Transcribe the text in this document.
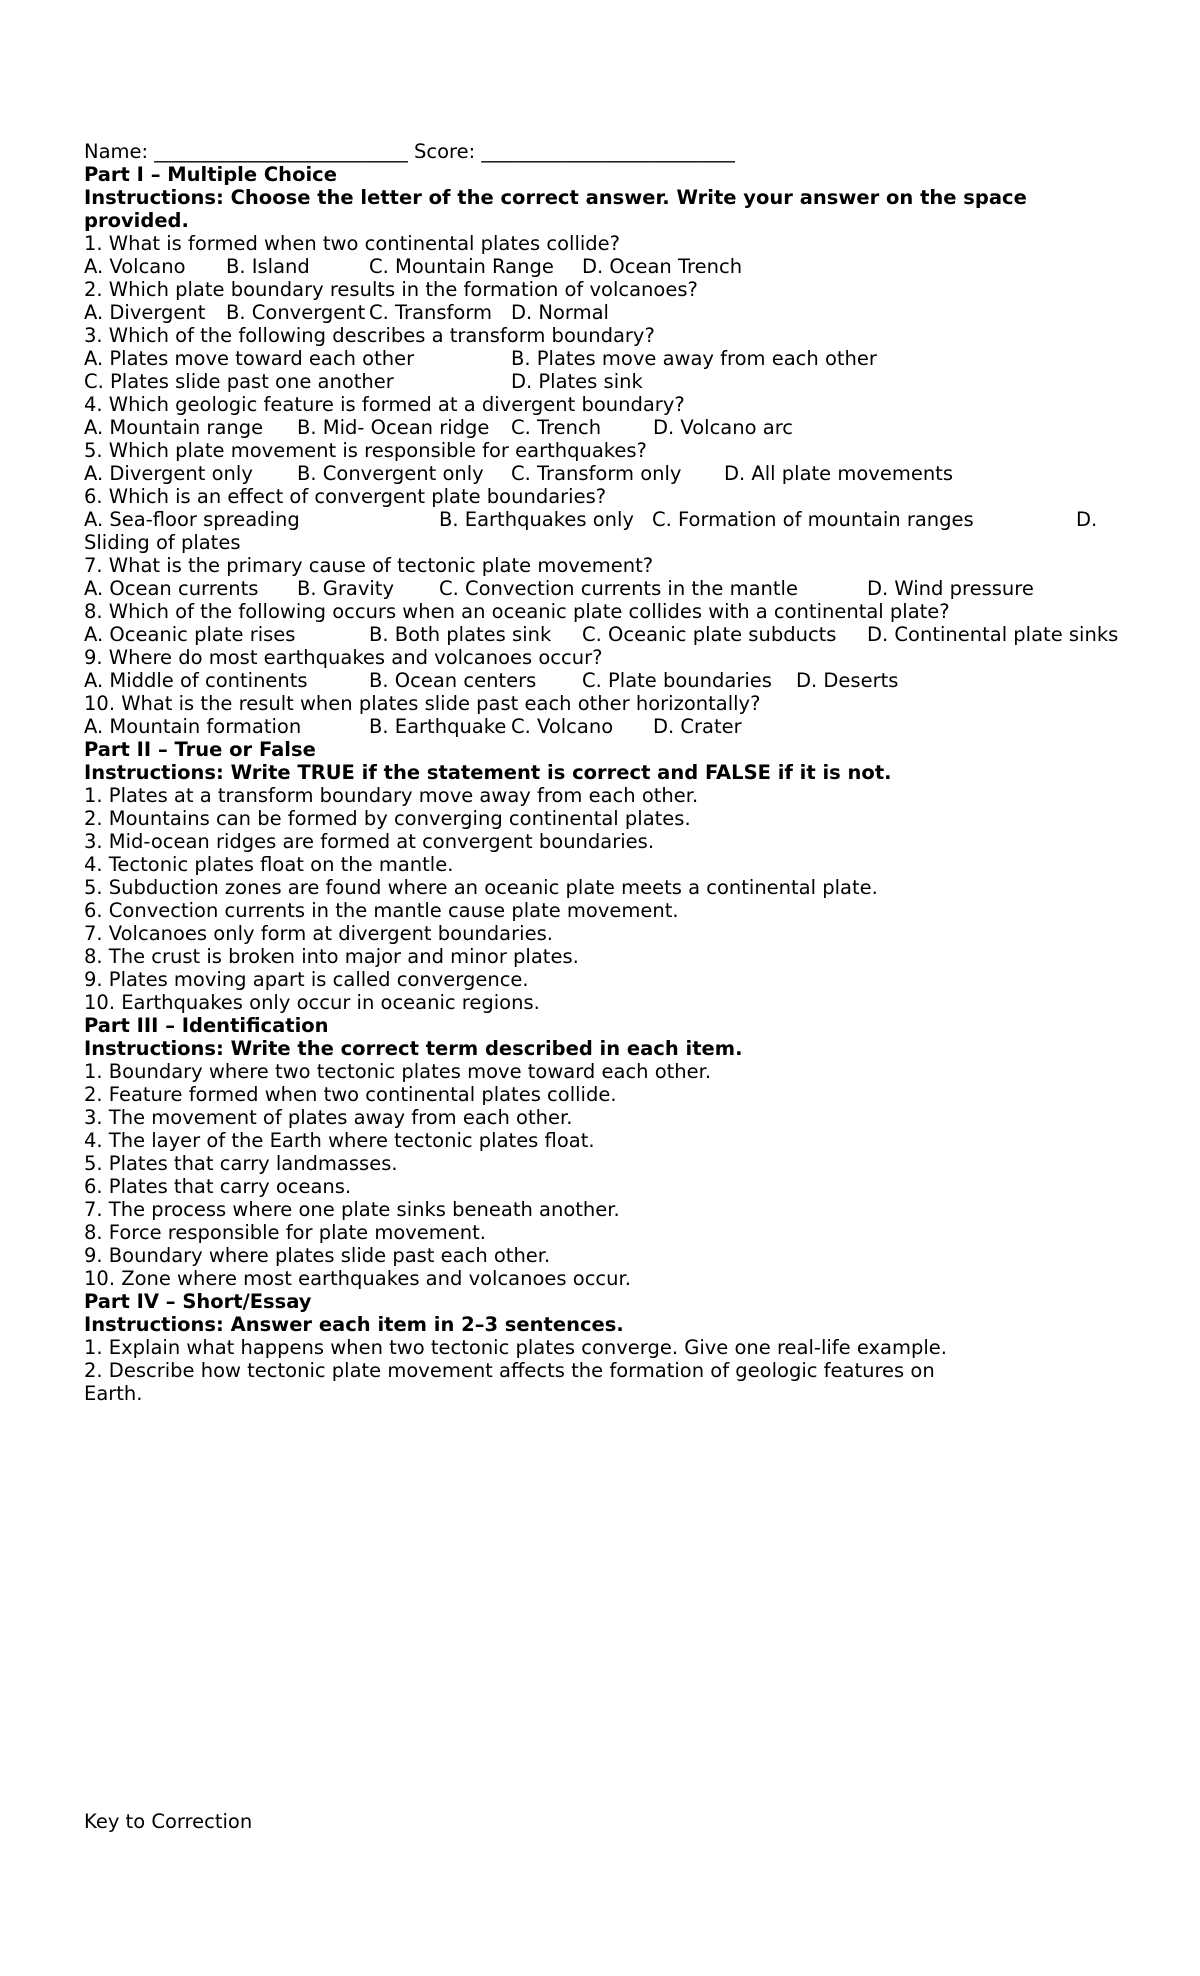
Name: __________________________ Score: __________________________
Part I – Multiple Choice
Instructions: Choose the letter of the correct answer. Write your answer on the space
provided.
1. What is formed when two continental plates collide?
A. Volcano B. Island	C. Mountain Range D. Ocean Trench
2. Which plate boundary results in the formation of volcanoes?
A. Divergent B. Convergent C. Transform D. Normal
3. Which of the following describes a transform boundary?
A. Plates move toward each other	B. Plates move away from each other
C. Plates slide past one another	D. Plates sink
4. Which geologic feature is formed at a divergent boundary?
A. Mountain range B. Mid- Ocean ridge C. Trench	D. Volcano arc
5. Which plate movement is responsible for earthquakes?
A. Divergent only B. Convergent only C. Transform only D. All plate movements
6. Which is an effect of convergent plate boundaries?
A. Sea-floor spreading	B. Earthquakes only C. Formation of mountain ranges	D.
Sliding of plates
7. What is the primary cause of tectonic plate movement?
A. Ocean currents B. Gravity C. Convection currents in the mantle	D. Wind pressure
8. Which of the following occurs when an oceanic plate collides with a continental plate?
A. Oceanic plate rises	B. Both plates sink C. Oceanic plate subducts D. Continental plate sinks
9. Where do most earthquakes and volcanoes occur?
A. Middle of continents	B. Ocean centers C. Plate boundaries D. Deserts
10. What is the result when plates slide past each other horizontally?
A. Mountain formation	B. Earthquake C. Volcano D. Crater
Part II – True or False
Instructions: Write TRUE if the statement is correct and FALSE if it is not.
1. Plates at a transform boundary move away from each other.
2. Mountains can be formed by converging continental plates.
3. Mid-ocean ridges are formed at convergent boundaries.
4. Tectonic plates float on the mantle.
5. Subduction zones are found where an oceanic plate meets a continental plate.
6. Convection currents in the mantle cause plate movement.
7. Volcanoes only form at divergent boundaries.
8. The crust is broken into major and minor plates.
9. Plates moving apart is called convergence.
10. Earthquakes only occur in oceanic regions.
Part III – Identification
Instructions: Write the correct term described in each item.
1. Boundary where two tectonic plates move toward each other.
2. Feature formed when two continental plates collide.
3. The movement of plates away from each other.
4. The layer of the Earth where tectonic plates float.
5. Plates that carry landmasses.
6. Plates that carry oceans.
7. The process where one plate sinks beneath another.
8. Force responsible for plate movement.
9. Boundary where plates slide past each other.
10. Zone where most earthquakes and volcanoes occur.
Part IV – Short/Essay
Instructions: Answer each item in 2–3 sentences.
1. Explain what happens when two tectonic plates converge. Give one real-life example.
2. Describe how tectonic plate movement affects the formation of geologic features on
Earth.
Key to Correction
